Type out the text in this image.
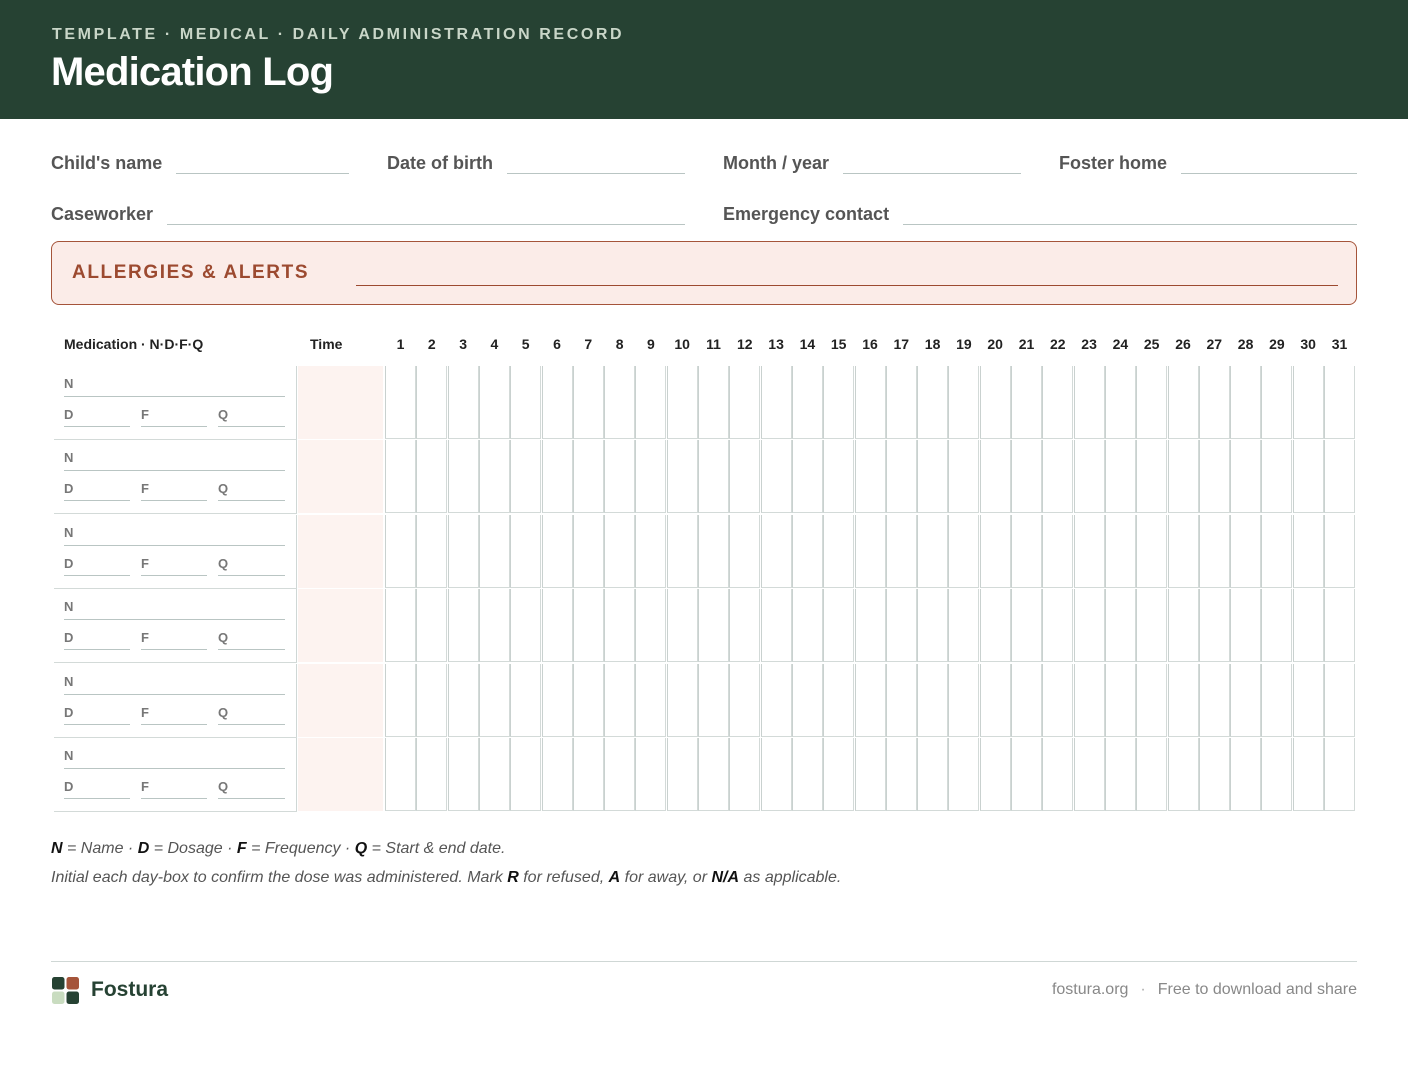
TEMPLATE · MEDICAL · DAILY ADMINISTRATION RECORD
Medication Log
Child's name	Date of birth	Month / year	Foster home
Caseworker	Emergency contact
ALLERGIES & ALERTS
Medication · N·D·F·Q	Time	1	2	3	4	5	6	7	8	9	10	11	12	13	14	15	16	17	18	19	20	21	22	23	24	25	26	27	28	29	30	31
N
D	F	Q
N
D	F	Q
N
D	F	Q
N
D	F	Q
N
D	F	Q
N
D	F	Q
N = Name · D = Dosage · F = Frequency · Q = Start & end date.
Initial each day-box to confirm the dose was administered. Mark R for refused, A for away, or N/A as applicable.
Fostura	fostura.org · Free to download and share
